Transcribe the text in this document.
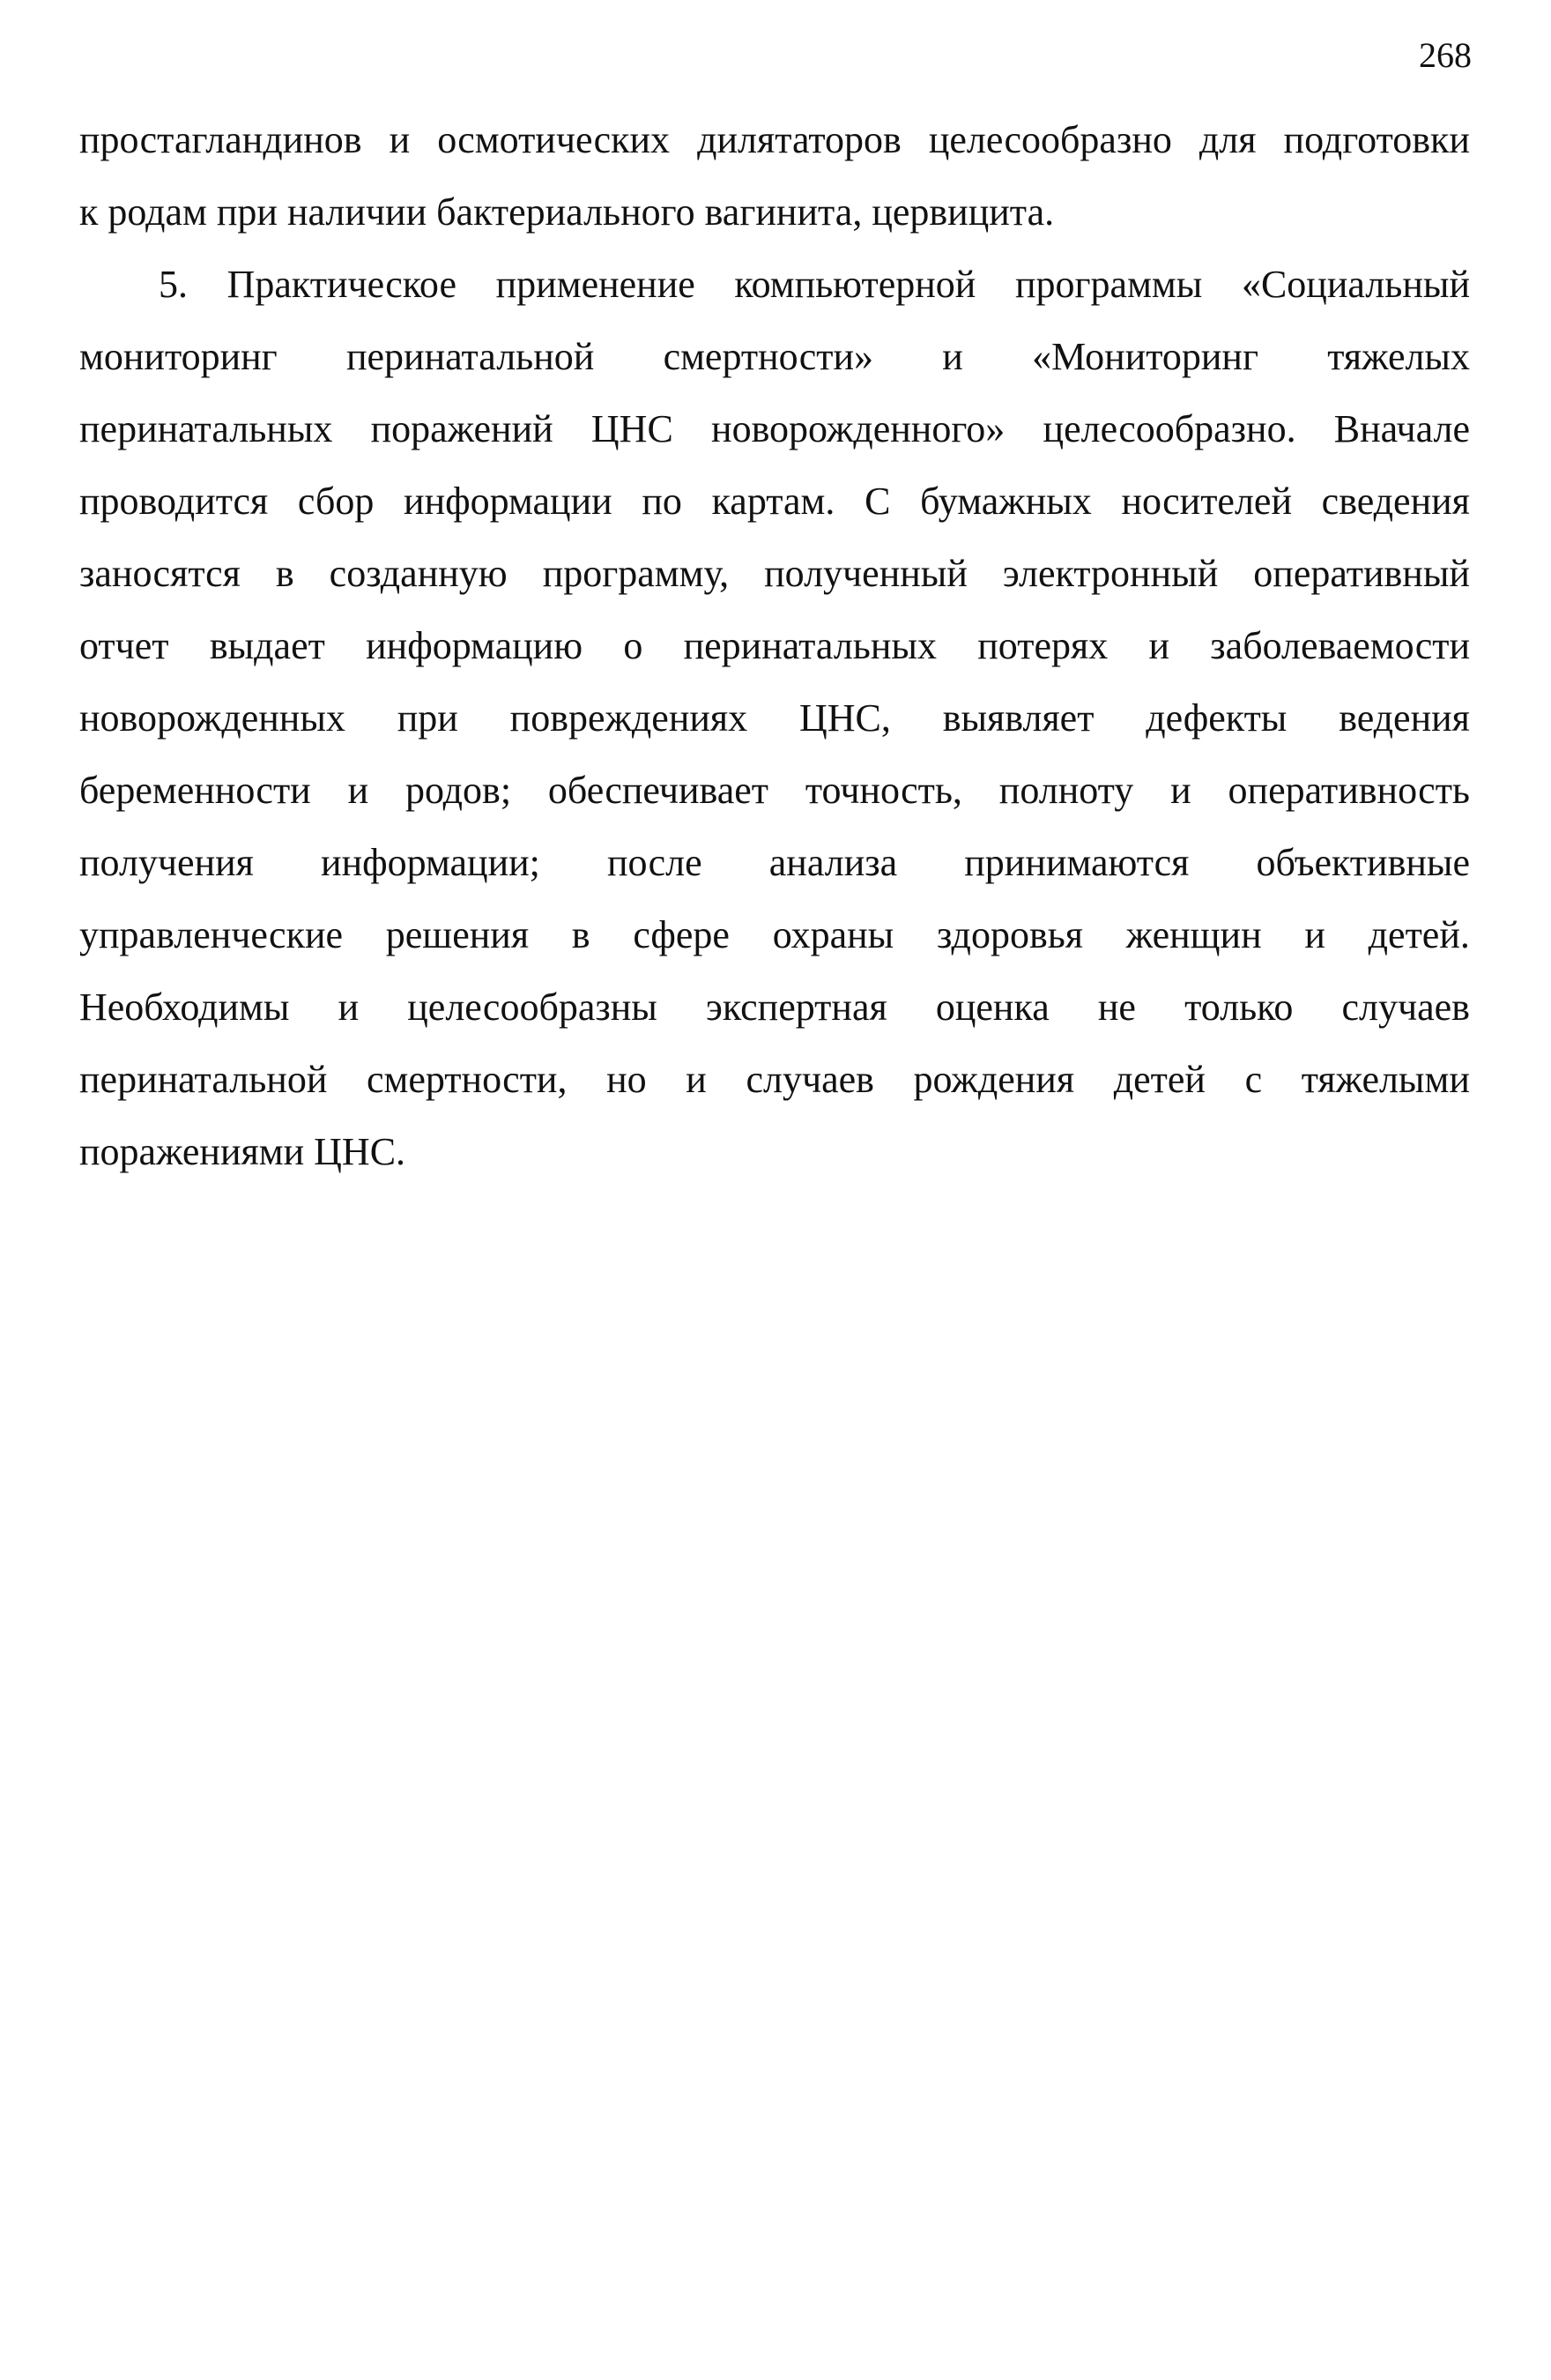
268
простагландинов и осмотических дилятаторов целесообразно для подготовки
к родам при наличии бактериального вагинита, цервицита.
5. Практическое применение компьютерной программы «Социальный
мониторинг перинатальной смертности» и «Мониторинг тяжелых
перинатальных поражений ЦНС новорожденного» целесообразно. Вначале
проводится сбор информации по картам. С бумажных носителей сведения
заносятся в созданную программу, полученный электронный оперативный
отчет выдает информацию о перинатальных потерях и заболеваемости
новорожденных при повреждениях ЦНС, выявляет дефекты ведения
беременности и родов; обеспечивает точность, полноту и оперативность
получения информации; после анализа принимаются объективные
управленческие решения в сфере охраны здоровья женщин и детей.
Необходимы и целесообразны экспертная оценка не только случаев
перинатальной смертности, но и случаев рождения детей с тяжелыми
поражениями ЦНС.
